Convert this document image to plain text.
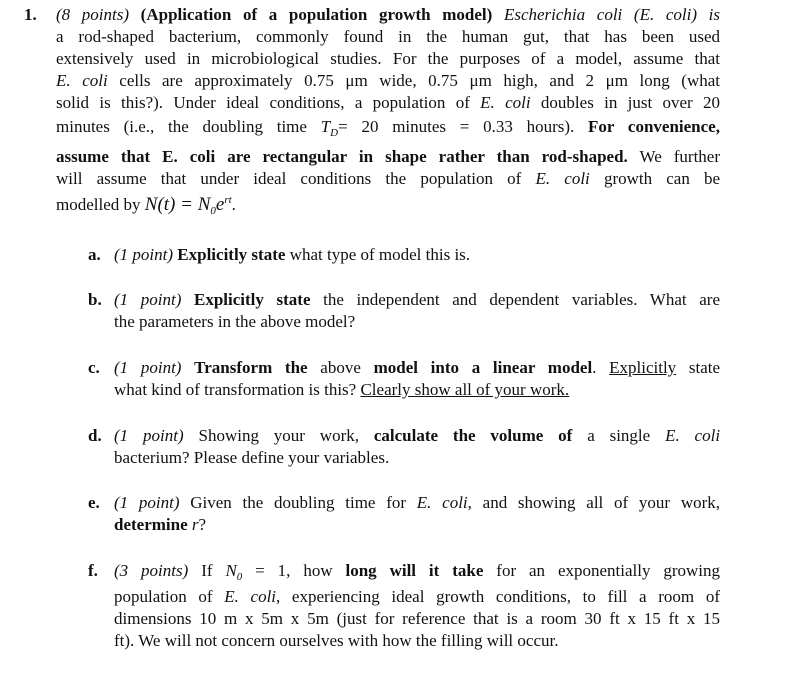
1. (8 points) (Application of a population growth model) Escherichia coli (E. coli) is
a rod-shaped bacterium, commonly found in the human gut, that has been used
extensively used in microbiological studies. For the purposes of a model, assume that
E. coli cells are approximately 0.75 μm wide, 0.75 μm high, and 2 μm long (what
solid is this?). Under ideal conditions, a population of E. coli doubles in just over 20
minutes (i.e., the doubling time $T_D= 20$ minutes = 0.33 hours). For convenience,
assume that E. coli are rectangular in shape rather than rod-shaped. We further
will assume that under ideal conditions the population of E. coli growth can be
modelled by $N(t) = N_0e^{rt}$.
a. (1 point) Explicitly state what type of model this is.
b. (1 point) Explicitly state the independent and dependent variables. What are
the parameters in the above model?
c. (1 point) Transform the above model into a linear model. Explicitly state
what kind of transformation is this? Clearly show all of your work.
d. (1 point) Showing your work, calculate the volume of a single E. coli
bacterium? Please define your variables.
e. (1 point) Given the doubling time for E. coli, and showing all of your work,
determine r?
f. (3 points) If $N_0 = 1$, how long will it take for an exponentially growing
population of E. coli, experiencing ideal growth conditions, to fill a room of
dimensions 10 m x 5m x 5m (just for reference that is a room 30 ft x 15 ft x 15
ft). We will not concern ourselves with how the filling will occur.
